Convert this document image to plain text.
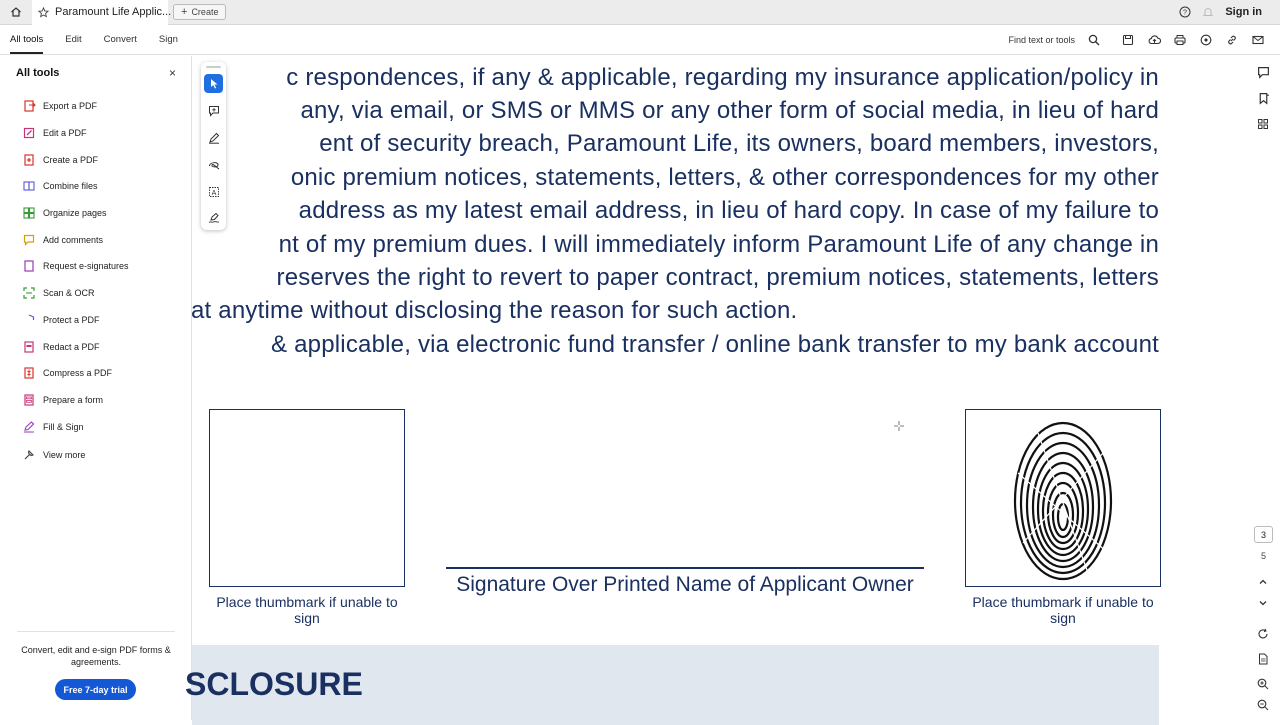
Paramount Life Applic... + Create	?	Sign in
All tools Edit Convert Sign	Find text or tools
All tools	×
Export a PDF
Edit a PDF
Create a PDF
Combine files
Organize pages
Add comments
Request e-signatures
Scan & OCR
Protect a PDF
Redact a PDF
Compress a PDF
Prepare a form
Fill & Sign
View more
Convert, edit and e-sign PDF forms & agreements.
Free 7-day trial
c respondences, if any & applicable, regarding my insurance application/policy in
any, via email, or SMS or MMS or any other form of social media, in lieu of hard
ent of security breach, Paramount Life, its owners, board members, investors,
onic premium notices, statements, letters, & other correspondences for my other
address as my latest email address, in lieu of hard copy. In case of my failure to
nt of my premium dues. I will immediately inform Paramount Life of any change in
reserves the right to revert to paper contract, premium notices, statements, letters
at anytime without disclosing the reason for such action.
& applicable, via electronic fund transfer / online bank transfer to my bank account
Place thumbmark if unable to sign
Signature Over Printed Name of Applicant Owner
Place thumbmark if unable to sign
SCLOSURE
A
3
5
